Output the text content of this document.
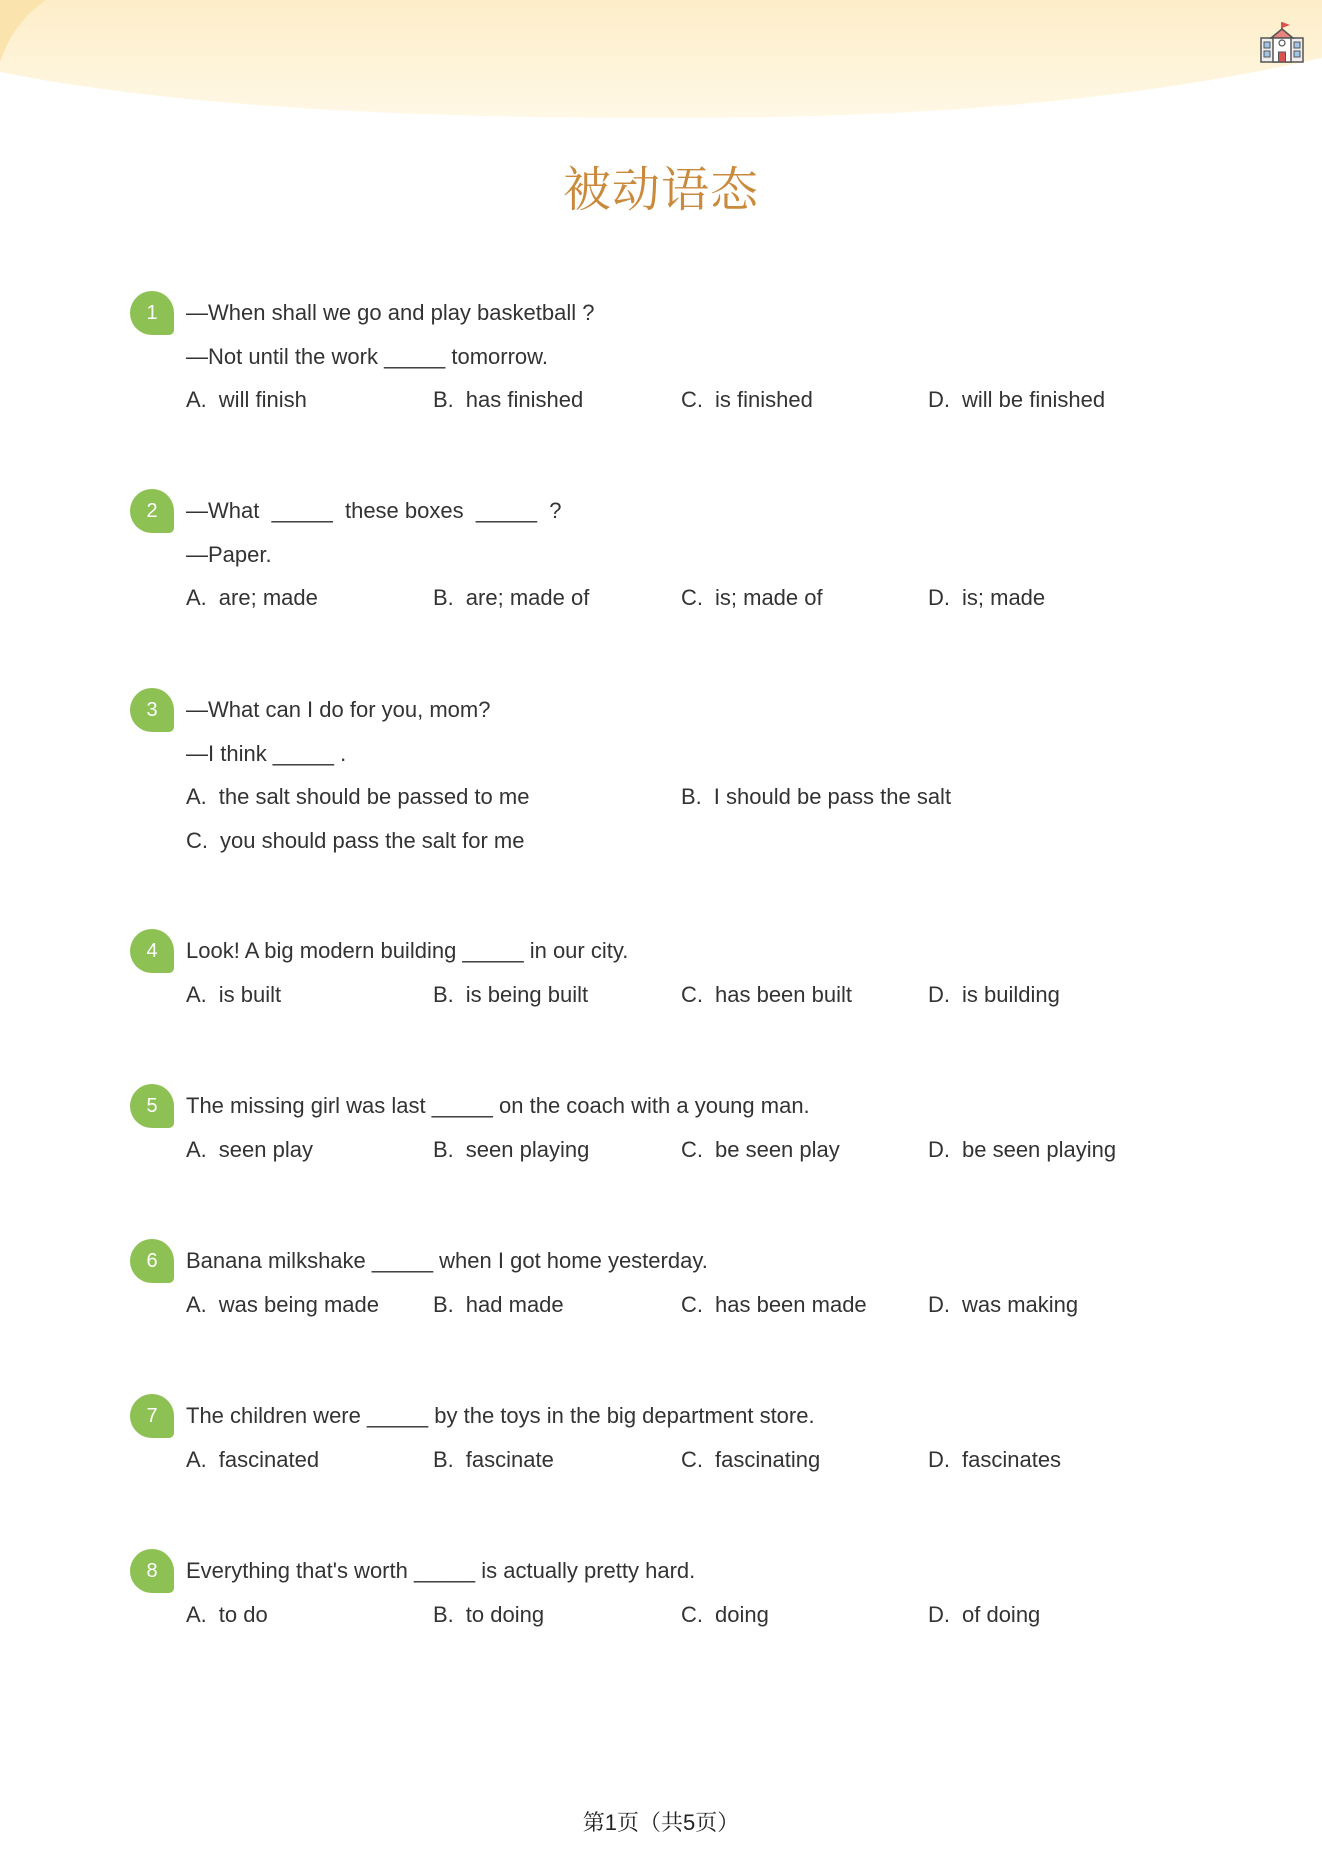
被动语态
1	—When shall we go and play basketball ?
—Not until the work _____ tomorrow.
A. will finish	B. has finished	C. is finished	D. will be finished
2	—What  _____  these boxes  _____  ?
—Paper.
A. are; made	B. are; made of	C. is; made of	D. is; made
3	—What can I do for you, mom?
—I think _____ .
A. the salt should be passed to me	B. I should be pass the salt
C. you should pass the salt for me
4	Look! A big modern building _____ in our city.
A. is built	B. is being built	C. has been built	D. is building
5	The missing girl was last _____ on the coach with a young man.
A. seen play	B. seen playing	C. be seen play	D. be seen playing
6	Banana milkshake _____ when I got home yesterday.
A. was being made	B. had made	C. has been made	D. was making
7	The children were _____ by the toys in the big department store.
A. fascinated	B. fascinate	C. fascinating	D. fascinates
8	Everything that's worth _____ is actually pretty hard.
A. to do	B. to doing	C. doing	D. of doing
第1页（共5页）
